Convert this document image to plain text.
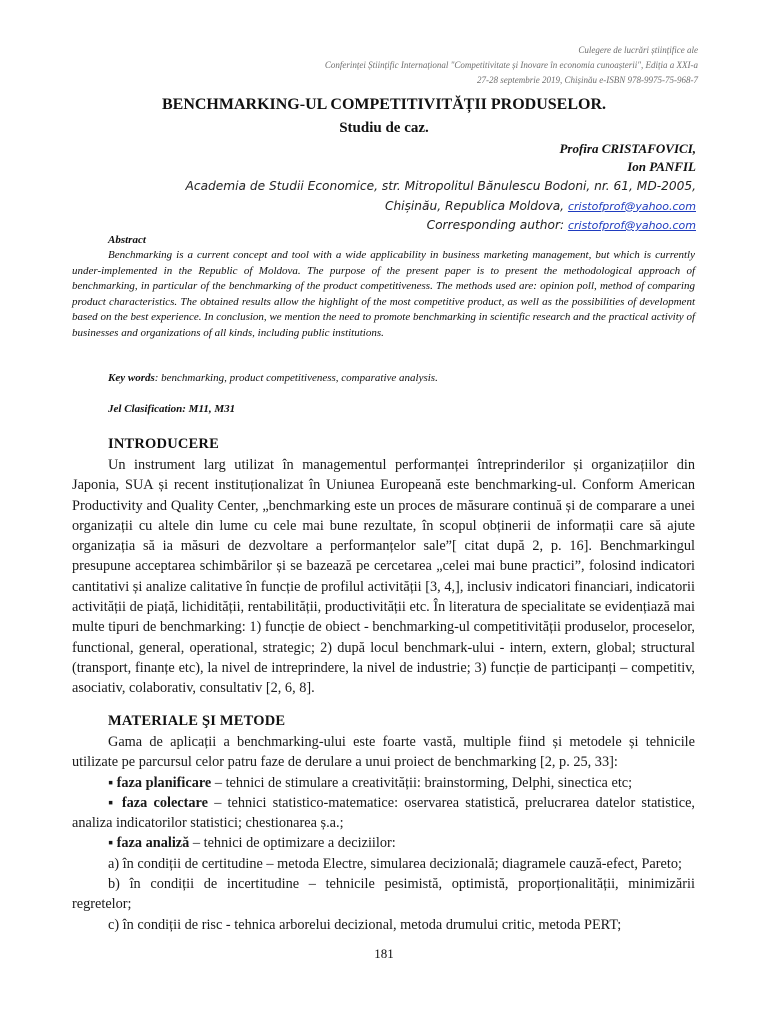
Culegere de lucrări științifice ale
Conferinței Științific Internațional "Competitivitate și Inovare în economia cunoașterii", Ediția a XXI-a
27-28 septembrie 2019, Chișinău e-ISBN 978-9975-75-968-7
BENCHMARKING-UL COMPETITIVITĂȚII PRODUSELOR.
Studiu de caz.
Profira CRISTAFOVICI,
Ion PANFIL
Academia de Studii Economice, str. Mitropolitul Bănulescu Bodoni, nr. 61, MD-2005,
Chișinău, Republica Moldova, cristofprof@yahoo.com
Corresponding author: cristofprof@yahoo.com
Abstract
Benchmarking is a current concept and tool with a wide applicability in business marketing management, but which is currently under-implemented in the Republic of Moldova. The purpose of the present paper is to present the methodological approach of benchmarking, in particular of the benchmarking of the product competitiveness. The methods used are: opinion poll, method of comparing product characteristics. The obtained results allow the highlight of the most competitive product, as well as the possibilities of development based on the best experience. In conclusion, we mention the need to promote benchmarking in scientific research and the practical activity of businesses and organizations of all kinds, including public institutions.
Key words: benchmarking, product competitiveness, comparative analysis.
Jel Clasification: M11, M31
INTRODUCERE

Un instrument larg utilizat în managementul performanței întreprinderilor și organizațiilor din Japonia, SUA și recent instituționalizat în Uniunea Europeană este benchmarking-ul. Conform American Productivity and Quality Center, „benchmarking este un proces de măsurare continuă și de comparare a unei organizații cu altele din lume cu cele mai bune rezultate, în scopul obținerii de informații care să ajute organizația să ia măsuri de dezvoltare a performanțelor sale”[ citat după 2, p. 16]. Benchmarkingul presupune acceptarea schimbărilor și se bazează pe cercetarea „celei mai bune practici”, folosind indicatori cantitativi și analize calitative în funcție de profilul activității [3, 4,], inclusiv indicatori financiari, indicatorii activității de piață, lichidității, rentabilității, productivității etc. În literatura de specialitate se evidențiază mai multe tipuri de benchmarking: 1) funcție de obiect - benchmarking-ul competitivității produselor, proceselor, functional, general, operational, strategic; 2) după locul benchmark-ului - intern, extern, global; structural (transport, finanțe etc), la nivel de intreprindere, la nivel de industrie; 3) funcție de participanți – competitiv, asociativ, colaborativ, consultativ [2, 6, 8].

MATERIALE ŞI METODE

Gama de aplicații a benchmarking-ului este foarte vastă, multiple fiind și metodele și tehnicile utilizate pe parcursul celor patru faze de derulare a unui proiect de benchmarking [2, p. 25, 33]:

▪ faza planificare – tehnici de stimulare a creativității: brainstorming, Delphi, sinectica etc;

▪ faza colectare – tehnici statistico-matematice: oservarea statistică, prelucrarea datelor statistice, analiza indicatorilor statistici; chestionarea ș.a.;

▪ faza analiză – tehnici de optimizare a deciziilor:

a) în condiții de certitudine – metoda Electre, simularea decizională; diagramele cauză-efect, Pareto;

b) în condiții de incertitudine – tehnicile pesimistă, optimistă, proporționalității, minimizării regretelor;

c) în condiții de risc - tehnica arborelui decizional, metoda drumului critic, metoda PERT;

181
